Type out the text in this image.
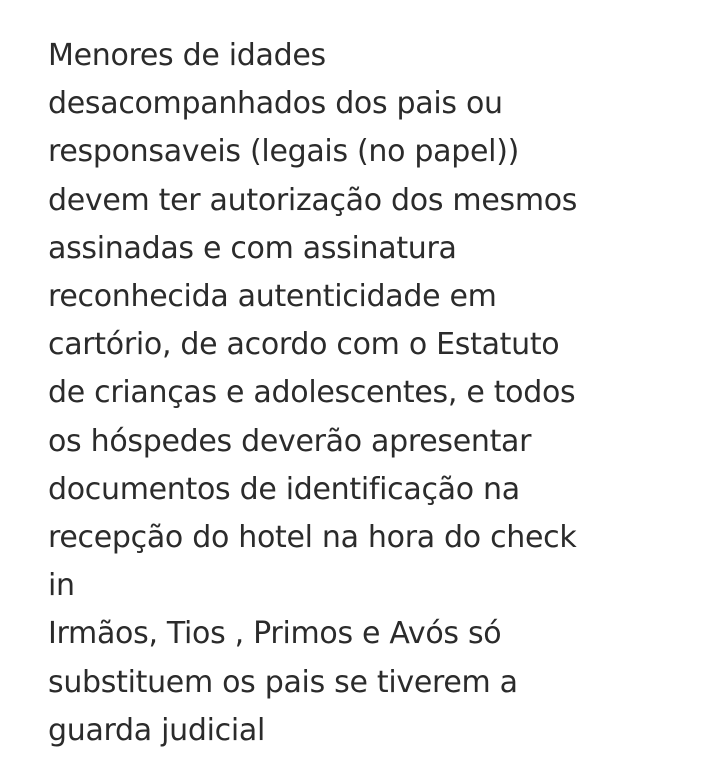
Menores de idades
desacompanhados dos pais ou
responsaveis (legais (no papel))
devem ter autorização dos mesmos
assinadas e com assinatura
reconhecida autenticidade em
cartório, de acordo com o Estatuto
de crianças e adolescentes, e todos
os hóspedes deverão apresentar
documentos de identificação na
recepção do hotel na hora do check
in
Irmãos, Tios , Primos e Avós só
substituem os pais se tiverem a
guarda judicial
